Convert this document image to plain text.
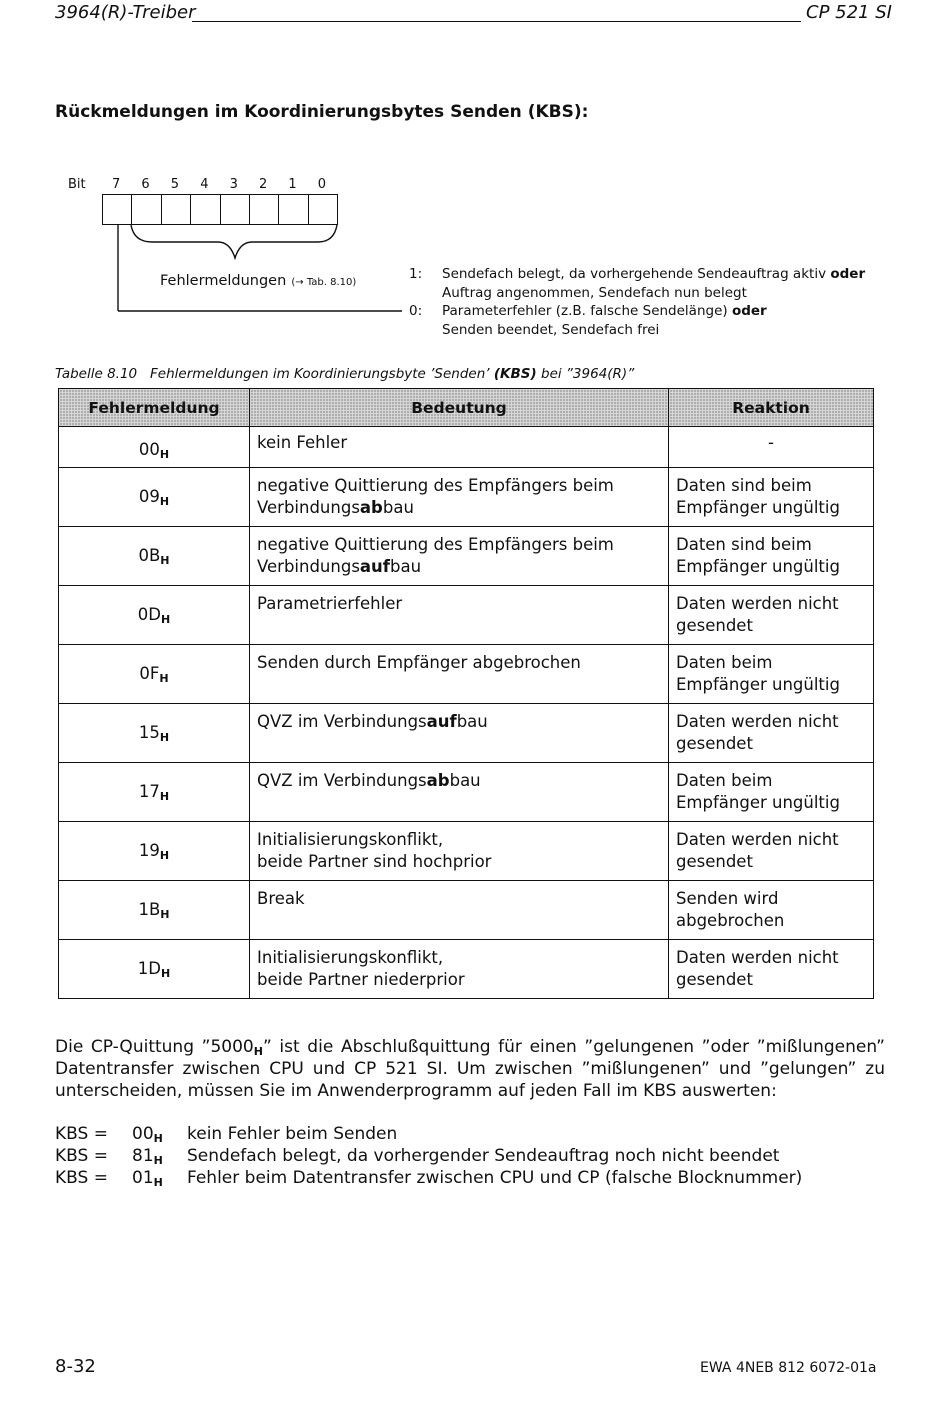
3964(R)-Treiber	CP 521 SI
Rückmeldungen im Koordinierungsbytes Senden (KBS):
Bit 7 6 5 4 3 2 1 0
Fehlermeldungen (→ Tab. 8.10)
1: Sendefach belegt, da vorhergehende Sendeauftrag aktiv oder
Auftrag angenommen, Sendefach nun belegt
0: Parameterfehler (z.B. falsche Sendelänge) oder
Senden beendet, Sendefach frei
Tabelle 8.10 Fehlermeldungen im Koordinierungsbyte ’Senden’ (KBS) bei ”3964(R)”
Fehlermeldung	Bedeutung	Reaktion
$00_H$	kein Fehler	-
$09_H$	negative Quittierung des Empfängers beim
Verbindungsabbau	Daten sind beim
Empfänger ungültig
$0B_H$	negative Quittierung des Empfängers beim
Verbindungsaufbau	Daten sind beim
Empfänger ungültig
$0D_H$	Parametrierfehler	Daten werden nicht
gesendet
$0F_H$	Senden durch Empfänger abgebrochen	Daten beim
Empfänger ungültig
$15_H$	QVZ im Verbindungsaufbau	Daten werden nicht
gesendet
$17_H$	QVZ im Verbindungsabbau	Daten beim
Empfänger ungültig
$19_H$	Initialisierungskonflikt,
beide Partner sind hochprior	Daten werden nicht
gesendet
$1B_H$	Break	Senden wird
abgebrochen
$1D_H$	Initialisierungskonflikt,
beide Partner niederprior	Daten werden nicht
gesendet
Die CP-Quittung $”5000_H$” ist die Abschlußquittung für einen ”gelungenen ”oder ”mißlungenen” Datentransfer zwischen CPU und CP 521 SI. Um zwischen ”mißlungenen” und ”gelungen” zu unterscheiden, müssen Sie im Anwenderprogramm auf jeden Fall im KBS auswerten:
KBS = $00_H$ kein Fehler beim Senden
KBS = $81_H$ Sendefach belegt, da vorhergender Sendeauftrag noch nicht beendet
KBS = $01_H$ Fehler beim Datentransfer zwischen CPU und CP (falsche Blocknummer)
8-32	EWA 4NEB 812 6072-01a
